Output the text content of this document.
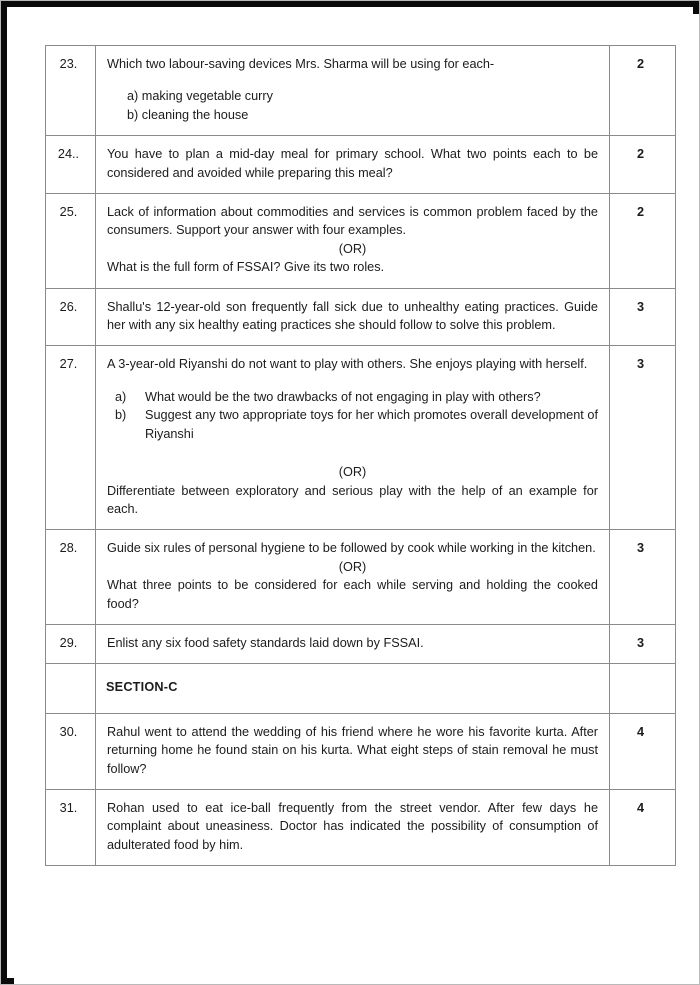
23.	Which two labour-saving devices Mrs. Sharma will be using for each-
a) making vegetable curry
b) cleaning the house	2
24..	You have to plan a mid-day meal for primary school. What two points each to be considered and avoided while preparing this meal?	2
25.	Lack of information about commodities and services is common problem faced by the consumers. Support your answer with four examples.
(OR)
What is the full form of FSSAI? Give its two roles.	2
26.	Shallu's 12-year-old son frequently fall sick due to unhealthy eating practices. Guide her with any six healthy eating practices she should follow to solve this problem.	3
27.	A 3-year-old Riyanshi do not want to play with others. She enjoys playing with herself.
a) What would be the two drawbacks of not engaging in play with others?
b) Suggest any two appropriate toys for her which promotes overall development of Riyanshi
(OR)
Differentiate between exploratory and serious play with the help of an example for each.
	3
28.	Guide six rules of personal hygiene to be followed by cook while working in the kitchen.
(OR)
What three points to be considered for each while serving and holding the cooked food?	3
29.	Enlist any six food safety standards laid down by FSSAI.	3

	SECTION-C	

30.	Rahul went to attend the wedding of his friend where he wore his favorite kurta. After returning home he found stain on his kurta. What eight steps of stain removal he must follow?	4
31.	Rohan used to eat ice-ball frequently from the street vendor. After few days he complaint about uneasiness. Doctor has indicated the possibility of consumption of adulterated food by him.	4
